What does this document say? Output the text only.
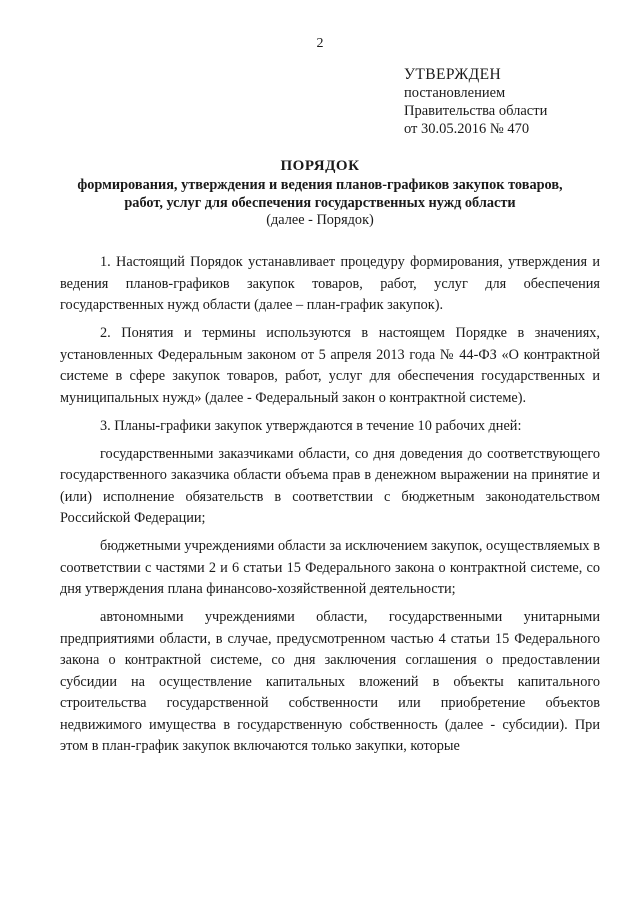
2
УТВЕРЖДЕН
постановлением
Правительства области
от 30.05.2016 № 470
ПОРЯДОК
формирования, утверждения и ведения планов-графиков закупок товаров, работ, услуг для обеспечения государственных нужд области
(далее - Порядок)

1. Настоящий Порядок устанавливает процедуру формирования, утверждения и ведения планов-графиков закупок товаров, работ, услуг для обеспечения государственных нужд области (далее – план-график закупок).

2. Понятия и термины используются в настоящем Порядке в значениях, установленных Федеральным законом от 5 апреля 2013 года № 44-ФЗ «О контрактной системе в сфере закупок товаров, работ, услуг для обеспечения государственных и муниципальных нужд» (далее - Федеральный закон о контрактной системе).

3. Планы-графики закупок утверждаются в течение 10 рабочих дней:

государственными заказчиками области, со дня доведения до соответствующего государственного заказчика области объема прав в денежном выражении на принятие и (или) исполнение обязательств в соответствии с бюджетным законодательством Российской Федерации;

бюджетными учреждениями области за исключением закупок, осуществляемых в соответствии с частями 2 и 6 статьи 15 Федерального закона о контрактной системе, со дня утверждения плана финансово-хозяйственной деятельности;

автономными учреждениями области, государственными унитарными предприятиями области, в случае, предусмотренном частью 4 статьи 15 Федерального закона о контрактной системе, со дня заключения соглашения о предоставлении субсидии на осуществление капитальных вложений в объекты капитального строительства государственной собственности или приобретение объектов недвижимого имущества в государственную собственность (далее - субсидии). При этом в план-график закупок включаются только закупки, которые
